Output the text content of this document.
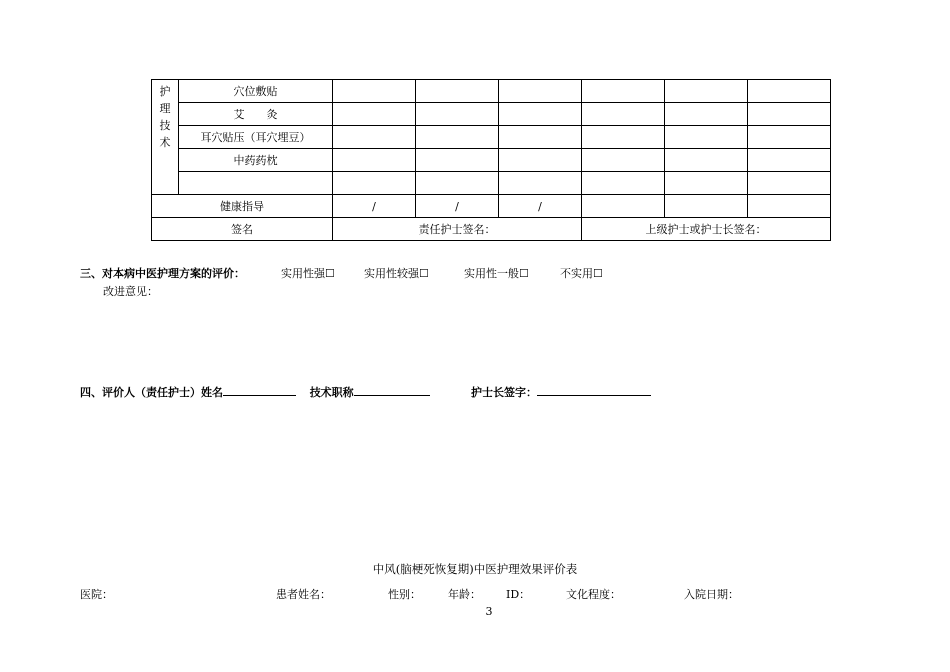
护
理
技
术	穴位敷贴						
	艾　　灸						
	耳穴贴压（耳穴埋豆）						
	中药药枕						

健康指导		/	/	/			
签名		责任护士签名：			上级护士或护士长签名：		
三、对本病中医护理方案的评价：	实用性强☐	实用性较强☐	实用性一般☐	不实用☐
改进意见：
四、评价人（责任护士）姓名	技术职称	护士长签字：
中风(脑梗死恢复期)中医护理效果评价表
医院：	患者姓名：	性别： 年龄： ID：	文化程度：	入院日期：
3
